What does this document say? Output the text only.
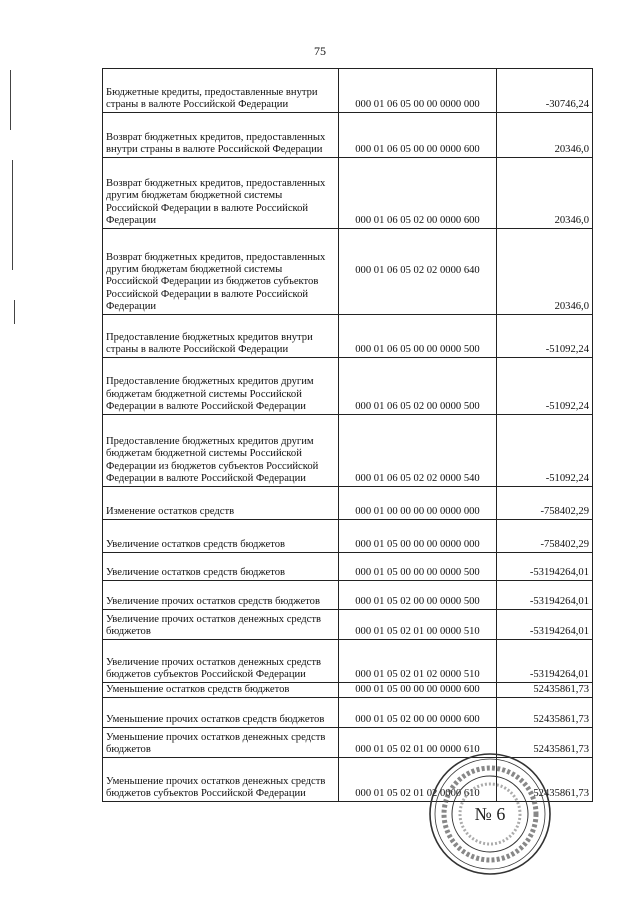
75
Бюджетные кредиты, предоставленные внутри страны в валюте Российской Федерации	000 01 06 05 00 00 0000 000	-30746,24
Возврат бюджетных кредитов, предоставленных внутри страны в валюте Российской Федерации	000 01 06 05 00 00 0000 600	20346,0
Возврат бюджетных кредитов, предоставленных другим бюджетам бюджетной системы Российской Федерации в валюте Российской Федерации	000 01 06 05 02 00 0000 600	20346,0
Возврат бюджетных кредитов, предоставленных другим бюджетам бюджетной системы Российской Федерации из бюджетов субъектов Российской Федерации в валюте Российской Федерации	000 01 06 05 02 02 0000 640	20346,0
Предоставление бюджетных кредитов внутри страны в валюте Российской Федерации	000 01 06 05 00 00 0000 500	-51092,24
Предоставление бюджетных кредитов другим бюджетам бюджетной системы Российской Федерации в валюте Российской Федерации	000 01 06 05 02 00 0000 500	-51092,24
Предоставление бюджетных кредитов другим бюджетам бюджетной системы Российской Федерации из бюджетов субъектов Российской Федерации в валюте Российской Федерации	000 01 06 05 02 02 0000 540	-51092,24
Изменение остатков средств	000 01 00 00 00 00 0000 000	-758402,29
Увеличение остатков средств бюджетов	000 01 05 00 00 00 0000 000	-758402,29
Увеличение остатков средств бюджетов	000 01 05 00 00 00 0000 500	-53194264,01
Увеличение прочих остатков средств бюджетов	000 01 05 02 00 00 0000 500	-53194264,01
Увеличение прочих остатков денежных средств бюджетов	000 01 05 02 01 00 0000 510	-53194264,01
Увеличение прочих остатков денежных средств бюджетов субъектов Российской Федерации	000 01 05 02 01 02 0000 510	-53194264,01
Уменьшение остатков средств бюджетов	000 01 05 00 00 00 0000 600	52435861,73
Уменьшение прочих остатков средств бюджетов	000 01 05 02 00 00 0000 600	52435861,73
Уменьшение прочих остатков денежных средств бюджетов	000 01 05 02 01 00 0000 610	52435861,73
Уменьшение прочих остатков денежных средств бюджетов субъектов Российской Федерации	000 01 05 02 01 02 0000 610	52435861,73
№ 6
